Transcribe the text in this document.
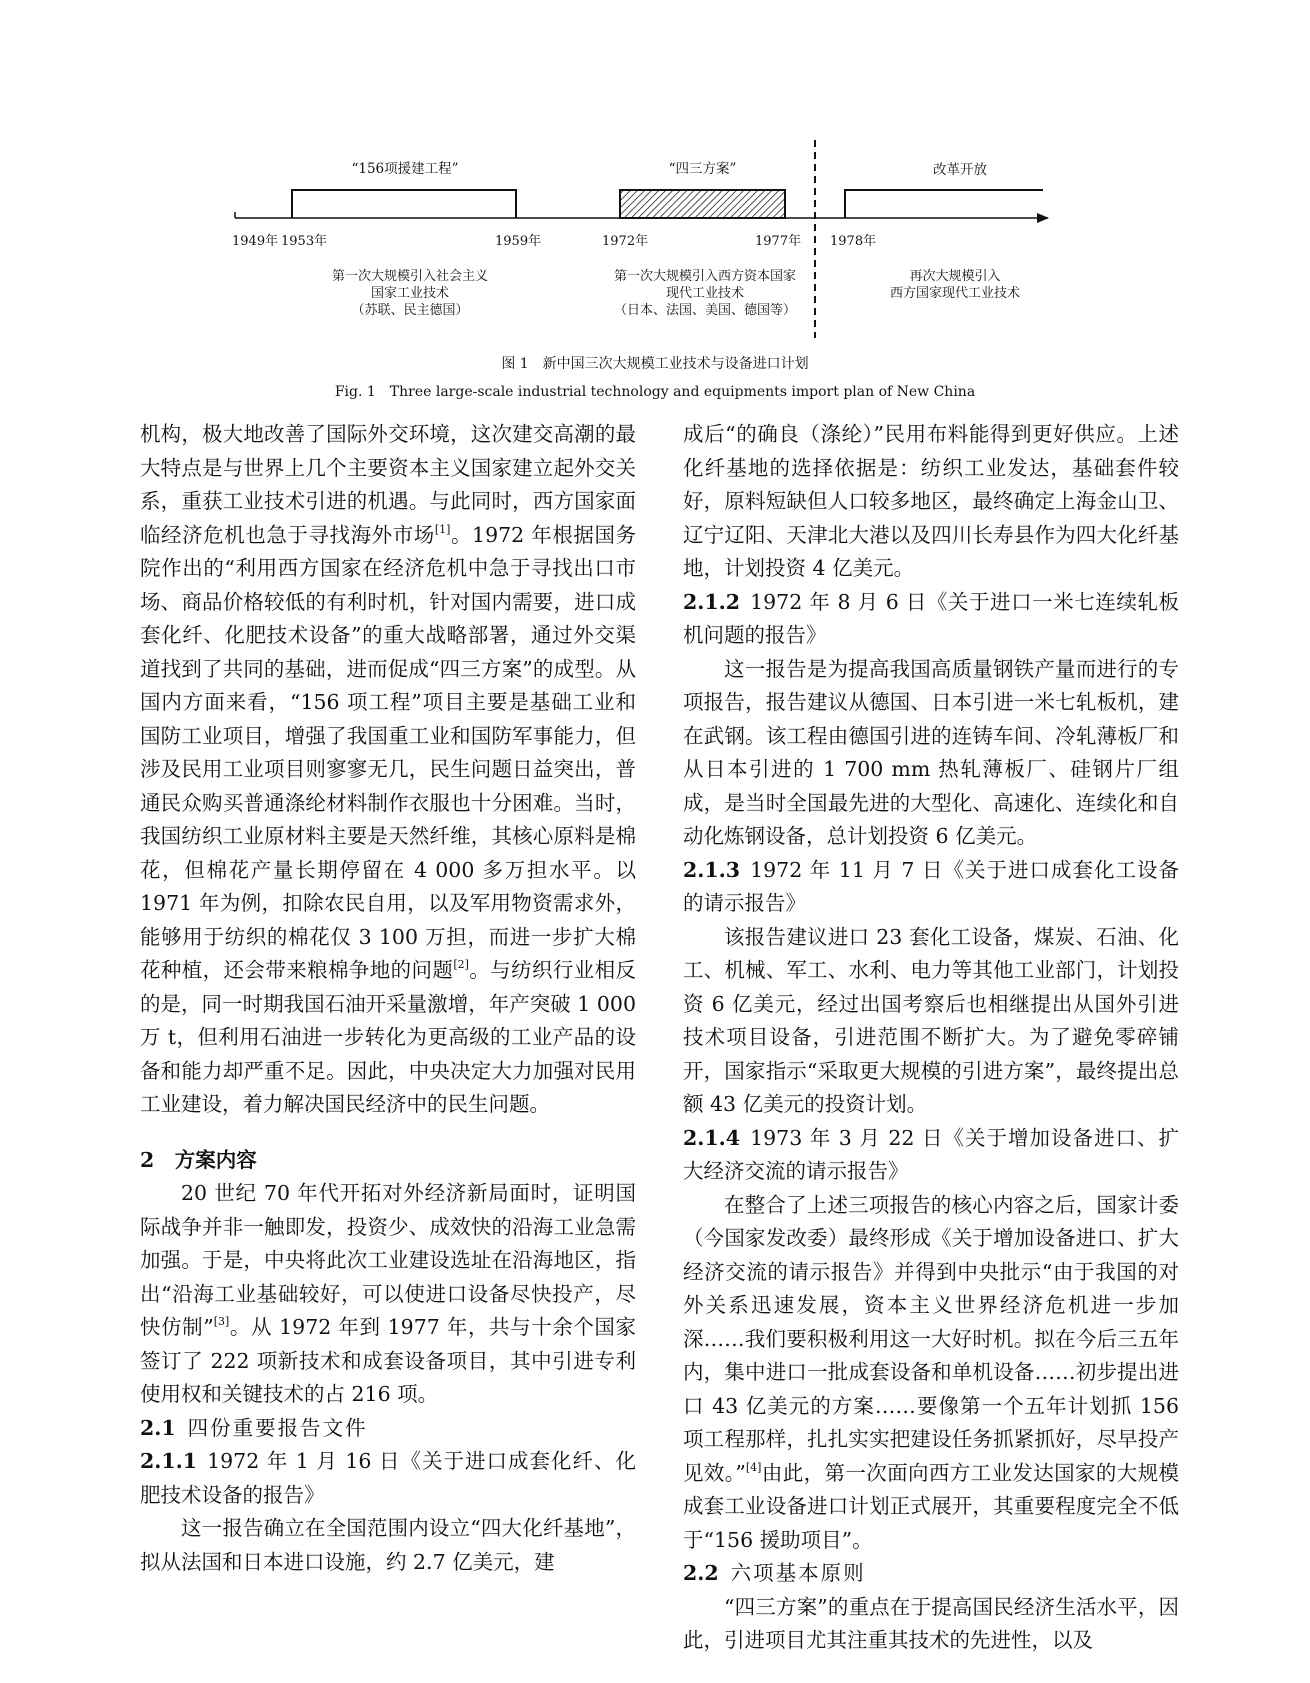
“156项援建工程”	“四三方案”	改革开放
1949年 1953年	1959年	1972年	1977年 1978年
第一次大规模引入社会主义
国家工业技术
（苏联、民主德国）
第一次大规模引入西方资本国家
现代工业技术
（日本、法国、美国、德国等）
再次大规模引入
西方国家现代工业技术
图 1　新中国三次大规模工业技术与设备进口计划
Fig. 1　Three large-scale industrial technology and equipments import plan of New China

机构，极大地改善了国际外交环境，这次建交高潮的最大特点是与世界上几个主要资本主义国家建立起外交关系，重获工业技术引进的机遇。与此同时，西方国家面临经济危机也急于寻找海外市场[1]。1972 年根据国务院作出的“利用西方国家在经济危机中急于寻找出口市场、商品价格较低的有利时机，针对国内需要，进口成套化纤、化肥技术设备”的重大战略部署，通过外交渠道找到了共同的基础，进而促成“四三方案”的成型。从国内方面来看，“156 项工程”项目主要是基础工业和国防工业项目，增强了我国重工业和国防军事能力，但涉及民用工业项目则寥寥无几，民生问题日益突出，普通民众购买普通涤纶材料制作衣服也十分困难。当时，我国纺织工业原材料主要是天然纤维，其核心原料是棉花，但棉花产量长期停留在 4 000 多万担水平。以 1971 年为例，扣除农民自用，以及军用物资需求外，能够用于纺织的棉花仅 3 100 万担，而进一步扩大棉花种植，还会带来粮棉争地的问题[2]。与纺织行业相反的是，同一时期我国石油开采量激增，年产突破 1 000 万 t，但利用石油进一步转化为更高级的工业产品的设备和能力却严重不足。因此，中央决定大力加强对民用工业建设，着力解决国民经济中的民生问题。

2　方案内容

20 世纪 70 年代开拓对外经济新局面时，证明国际战争并非一触即发，投资少、成效快的沿海工业急需加强。于是，中央将此次工业建设选址在沿海地区，指出“沿海工业基础较好，可以使进口设备尽快投产，尽快仿制”[3]。从 1972 年到 1977 年，共与十余个国家签订了 222 项新技术和成套设备项目，其中引进专利使用权和关键技术的占 216 项。

2.1 四份重要报告文件

2.1.1 1972 年 1 月 16 日《关于进口成套化纤、化肥技术设备的报告》

这一报告确立在全国范围内设立“四大化纤基地”，拟从法国和日本进口设施，约 2.7 亿美元，建

成后“的确良（涤纶）”民用布料能得到更好供应。上述化纤基地的选择依据是：纺织工业发达，基础套件较好，原料短缺但人口较多地区，最终确定上海金山卫、辽宁辽阳、天津北大港以及四川长寿县作为四大化纤基地，计划投资 4 亿美元。

2.1.2 1972 年 8 月 6 日《关于进口一米七连续轧板机问题的报告》

这一报告是为提高我国高质量钢铁产量而进行的专项报告，报告建议从德国、日本引进一米七轧板机，建在武钢。该工程由德国引进的连铸车间、冷轧薄板厂和从日本引进的 1 700 mm 热轧薄板厂、硅钢片厂组成，是当时全国最先进的大型化、高速化、连续化和自动化炼钢设备，总计划投资 6 亿美元。

2.1.3 1972 年 11 月 7 日《关于进口成套化工设备的请示报告》

该报告建议进口 23 套化工设备，煤炭、石油、化工、机械、军工、水利、电力等其他工业部门，计划投资 6 亿美元，经过出国考察后也相继提出从国外引进技术项目设备，引进范围不断扩大。为了避免零碎铺开，国家指示“采取更大规模的引进方案”，最终提出总额 43 亿美元的投资计划。

2.1.4 1973 年 3 月 22 日《关于增加设备进口、扩大经济交流的请示报告》

在整合了上述三项报告的核心内容之后，国家计委（今国家发改委）最终形成《关于增加设备进口、扩大经济交流的请示报告》并得到中央批示“由于我国的对外关系迅速发展，资本主义世界经济危机进一步加深……我们要积极利用这一大好时机。拟在今后三五年内，集中进口一批成套设备和单机设备……初步提出进口 43 亿美元的方案……要像第一个五年计划抓 156 项工程那样，扎扎实实把建设任务抓紧抓好，尽早投产见效。”[4]由此，第一次面向西方工业发达国家的大规模成套工业设备进口计划正式展开，其重要程度完全不低于“156 援助项目”。

2.2 六项基本原则

“四三方案”的重点在于提高国民经济生活水平，因此，引进项目尤其注重其技术的先进性，以及
